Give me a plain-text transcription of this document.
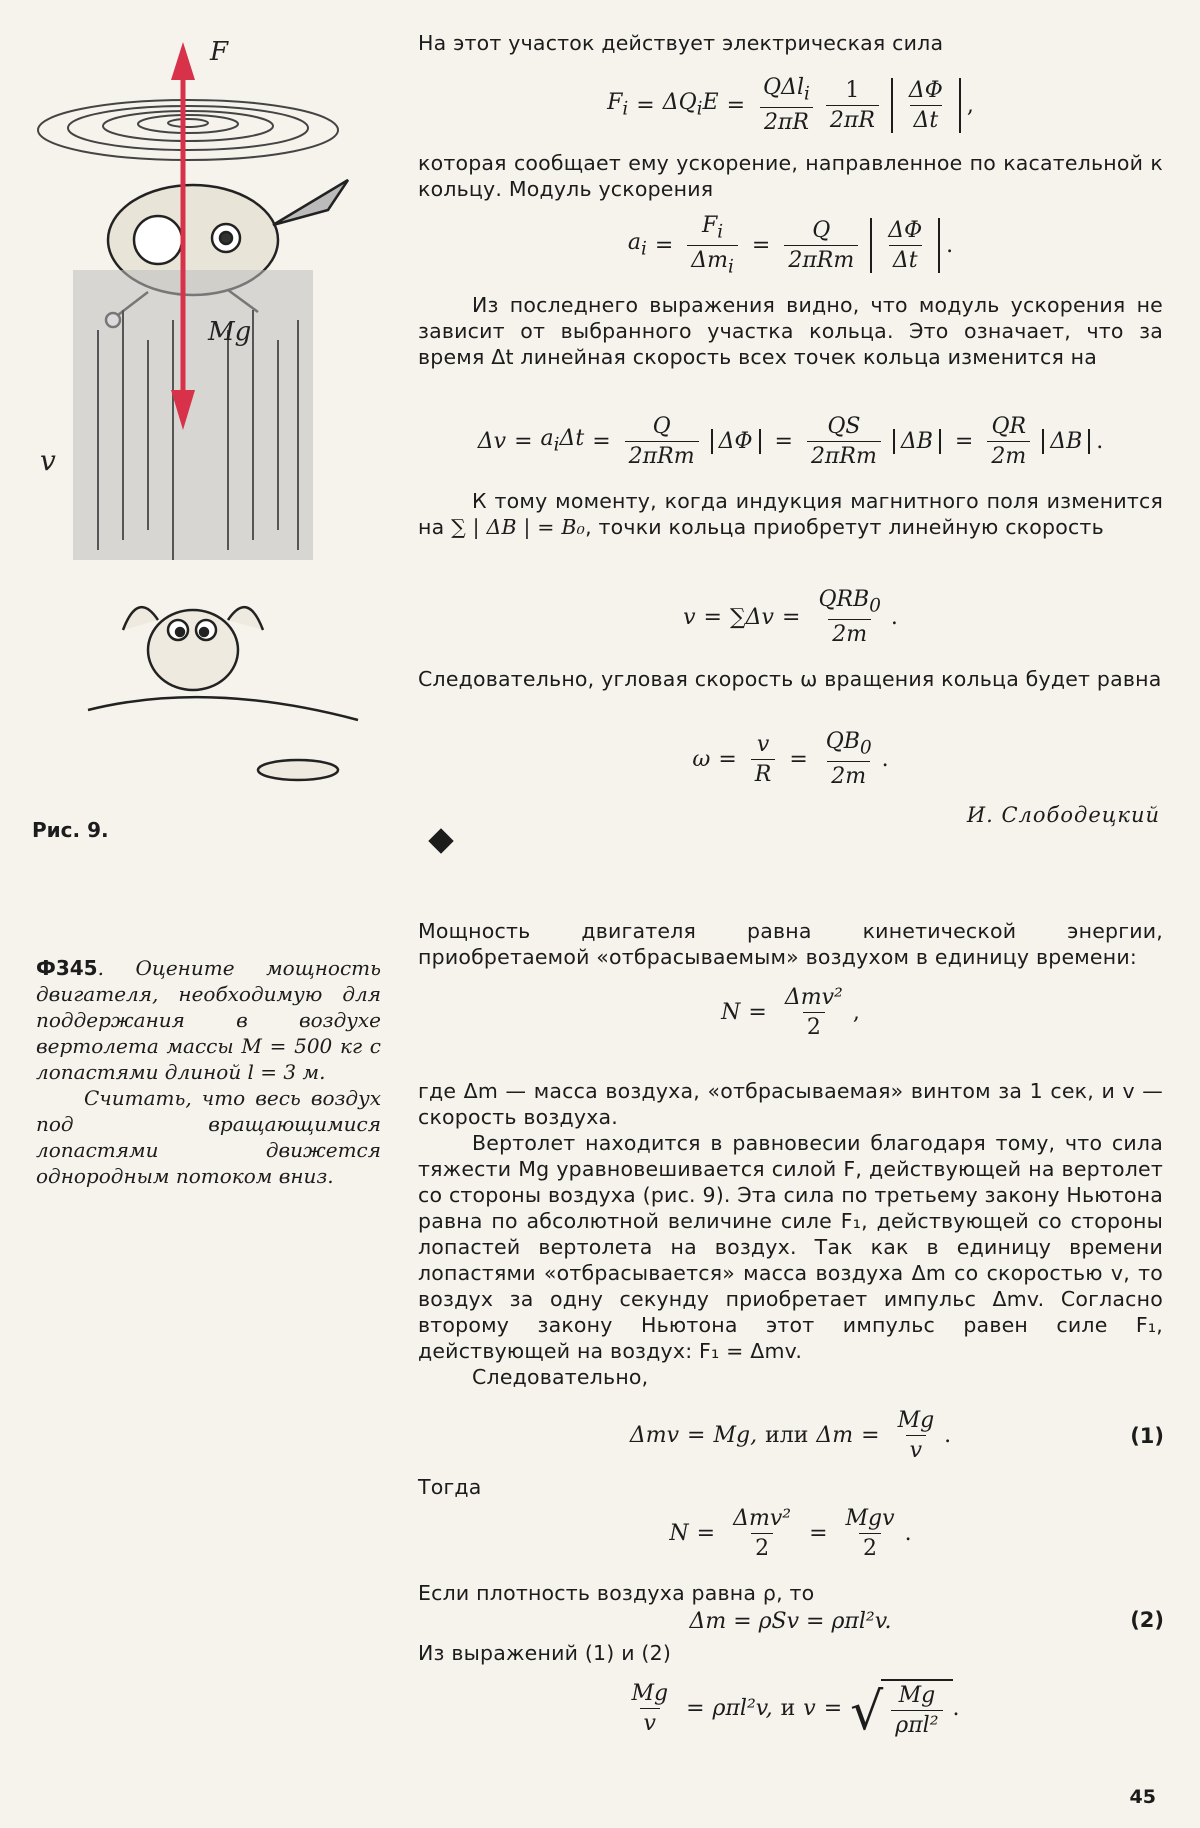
F
Mg
v
Рис. 9.

Ф345. Оцените мощность двигателя, необходимую для поддержания в воздухе вертолета массы M = 500 кг с лопастями длиной l = 3 м.

Считать, что весь воздух под вращающимися лопастями движется однородным потоком вниз.

На этот участок действует электрическая сила

$F_i = \Delta Q_iE = \frac{Q\Delta l_i}{2\pi R} \frac{1}{2\pi R} \frac{\Delta\Phi}{\Delta t}$ ,

которая сообщает ему ускорение, направленное по касательной к кольцу. Модуль ускорения

$a_i = \frac{F_i}{\Delta m_i} = \frac{Q}{\text{2πRm}} \frac{\Delta\Phi}{\Delta t}$ .

Из последнего выражения видно, что модуль ускорения не зависит от выбранного участка кольца. Это означает, что за время Δt линейная скорость всех точек кольца изменится на

$\Delta v = a_i\Delta t = \frac{Q}{\text{2πRm}}$ ΔΦ	= $\frac{QS}{\text{2πRm}}$ ΔB	= $\frac{QR}{2m}$ ΔB .

К тому моменту, когда индукция магнитного поля изменится на ∑ | ΔB | = B₀, точки кольца приобретут линейную скорость

$v = \sum\Delta v = \frac{QRB_0}{2m}$ .

Следовательно, угловая скорость ω вращения кольца будет равна

$\omega = \frac{v}{R} = \frac{QB_0}{2m}$ .
И. Слободецкий

Мощность двигателя равна кинетической энергии, приобретаемой «отбрасываемым» воздухом в единицу времени:

$N = \frac{\text{Δmv²}}{2}$ ,

где Δm — масса воздуха, «отбрасываемая» винтом за 1 сек, и v — скорость воздуха.

Вертолет находится в равновесии благодаря тому, что сила тяжести Mg уравновешивается силой F, действующей на вертолет со стороны воздуха (рис. 9). Эта сила по третьему закону Ньютона равна по абсолютной величине силе F₁, действующей со стороны лопастей вертолета на воздух. Так как в единицу времени лопастями «отбрасывается» масса воздуха Δm со скоростью v, то воздух за одну секунду приобретает импульс Δmv. Согласно второму закону Ньютона этот импульс равен силе F₁, действующей на воздух: F₁ = Δmv.

Следовательно,

Δmv = Mg, или $\Delta m = \frac{Mg}{v}$ .	(1)

Тогда

$N = \frac{\text{Δmv²}}{2} = \frac{\text{Mgv}}{2}$ .

Если плотность воздуха равна ρ, то

Δm = ρSv = ρπl²v.	(2)

Из выражений (1) и (2)

$\frac{Mg}{v} = \rho\pi l^2v$, и v = √ $\frac{Mg}{\text{ρπl²}}$ .
45
